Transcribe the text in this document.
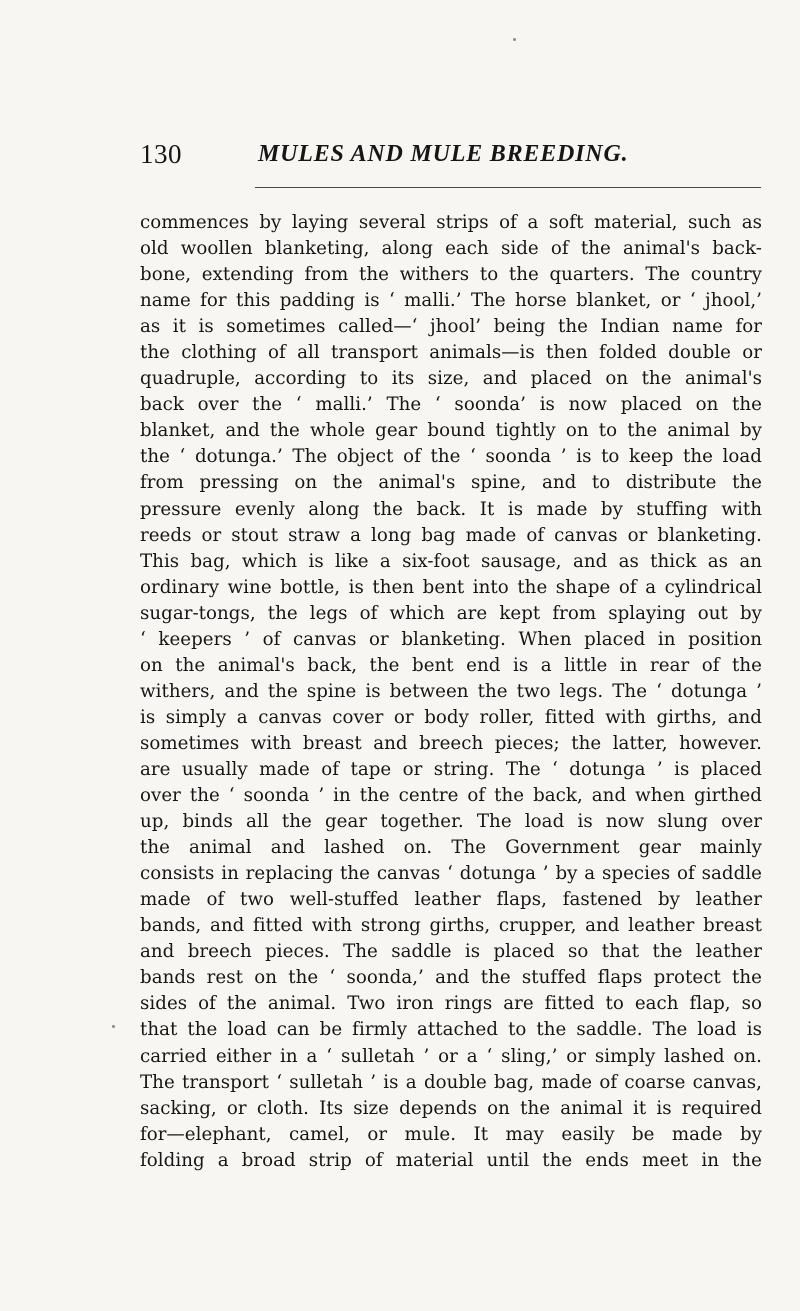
130	MULES AND MULE BREEDING.

commences by laying several strips of a soft material, such as
old woollen blanketing, along each side of the animal's back-
bone, extending from the withers to the quarters. The country
name for this padding is ‘ malli.’ The horse blanket, or ‘ jhool,’
as it is sometimes called—‘ jhool’ being the Indian name for
the clothing of all transport animals—is then folded double or
quadruple, according to its size, and placed on the animal's
back over the ‘ malli.’ The ‘ soonda’ is now placed on the
blanket, and the whole gear bound tightly on to the animal by
the ‘ dotunga.’ The object of the ‘ soonda ’ is to keep the load
from pressing on the animal's spine, and to distribute the
pressure evenly along the back. It is made by stuffing with
reeds or stout straw a long bag made of canvas or blanketing.
This bag, which is like a six-foot sausage, and as thick as an
ordinary wine bottle, is then bent into the shape of a cylindrical
sugar-tongs, the legs of which are kept from splaying out by
‘ keepers ’ of canvas or blanketing. When placed in position
on the animal's back, the bent end is a little in rear of the
withers, and the spine is between the two legs. The ‘ dotunga ’
is simply a canvas cover or body roller, fitted with girths, and
sometimes with breast and breech pieces; the latter, however.
are usually made of tape or string. The ‘ dotunga ’ is placed
over the ‘ soonda ’ in the centre of the back, and when girthed
up, binds all the gear together. The load is now slung over
the animal and lashed on. The Government gear mainly
consists in replacing the canvas ‘ dotunga ’ by a species of saddle
made of two well-stuffed leather flaps, fastened by leather
bands, and fitted with strong girths, crupper, and leather breast
and breech pieces. The saddle is placed so that the leather
bands rest on the ‘ soonda,’ and the stuffed flaps protect the
sides of the animal. Two iron rings are fitted to each flap, so
that the load can be firmly attached to the saddle. The load is
carried either in a ‘ sulletah ’ or a ‘ sling,’ or simply lashed on.
The transport ‘ sulletah ’ is a double bag, made of coarse canvas,
sacking, or cloth. Its size depends on the animal it is required
for—elephant, camel, or mule. It may easily be made by
folding a broad strip of material until the ends meet in the
